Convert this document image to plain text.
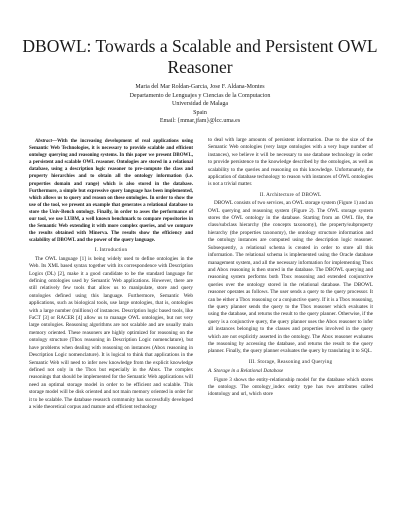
DBOWL: Towards a Scalable and Persistent OWL Reasoner
Maria del Mar Roldan-Garcia, Jose F. Aldana-Montes
Departamento de Lenguajes y Ciencias de la Computacion
Universidad de Malaga
Spain
Email: {mmar,jfam}@lcc.uma.es

Abstract—With the increasing development of real applications using Semantic Web Technologies, it is necessary to provide scalable and efficient ontology querying and reasoning systems. In this paper we present DBOWL, a persistent and scalable OWL reasoner. Ontologies are stored in a relational database, using a description logic reasoner to pre-compute the class and property hierarchies and to obtain all the ontology information (i.e. properties domain and range) which is also stored in the database. Furthermore, a simple but expressive query language has been implemented, which allows us to query and reason on these ontologies. In order to show the use of the tool, we present an example that generates a relational database to store the Univ-Bench ontology. Finally, in order to asses the performance of our tool, we use LUBM, a well known benchmark to compare repositories in the Semantic Web extending it with more complex queries, and we compare the results obtained with Minerva. The results show the efficiency and scalability of DBOWL and the power of the query language.

I. Introduction

The OWL language [1] is being widely used to define ontologies in the Web. Its XML based syntax together with its correspondence with Description Logics (DL) [2], make it a good candidate to be the standard language for defining ontologies used by Semantic Web applications. However, there are still relatively few tools that allow us to manipulate, store and query ontologies defined using this language. Furthermore, Semantic Web applications, such as biological tools, use large ontologies, that is, ontologies with a large number (millions) of instances. Description logic based tools, like FaCT [3] or RACER [4] allow us to manage OWL ontologies, but not very large ontologies. Reasoning algorithms are not scalable and are usually main memory oriented. These reasoners are highly optimized for reasoning on the ontology structure (Tbox reasoning in Description Logic nomenclature), but have problems when dealing with reasoning on instances (Abox reasoning in Description Logic nomenclature). It is logical to think that applications in the Semantic Web will need to infer new knowledge from the explicit knowledge defined not only in the Tbox but especially in the Abox. The complex reasonings that should be implemented for the Semantic Web applications will need an optimal storage model in order to be efficient and scalable. This storage model will be disk oriented and not main memory oriented in order for it to be scalable. The database research community has successfully developed a wide theoretical corpus and mature and efficient technology

to deal with large amounts of persistent information. Due to the size of the Semantic Web ontologies (very large ontologies with a very huge number of instances), we believe it will be necessary to use database technology in order to provide persistence to the knowledge described by the ontologies, as well as scalability to the queries and reasoning on this knowledge. Unfortunately, the application of database technology to reason with instances of OWL ontologies is not a trivial matter.

II. Architecture of DBOWL

DBOWL consists of two services, an OWL storage system (Figure 1) and an OWL querying and reasoning system (Figure 2). The OWL storage system stores the OWL ontology in the database. Starting from an OWL file, the class/subclass hierarchy (the concepts taxonomy), the property/subproperty hierarchy (the properties taxonomy), the ontology structure information and the ontology instances are computed using the description logic reasoner. Subsequently, a relational schema is created in order to store all this information. The relational schema is implemented using the Oracle database management system, and all the necessary information for implementing Tbox and Abox reasoning is then stored in the database. The DBOWL querying and reasoning system performs both Tbox reasoning and extended conjunctive queries over the ontology stored in the relational database. The DBOWL reasoner operates as follows. The user sends a query to the query processor. It can be either a Tbox reasoning or a conjunctive query. If it is a Tbox reasoning, the query planner sends the query to the Tbox reasoner which evaluates it using the database, and returns the result to the query planner. Otherwise, if the query is a conjunctive query, the query planner uses the Abox reasoner to infer all instances belonging to the classes and properties involved in the query which are not explicitly asserted in the ontology. The Abox reasoner evaluates the reasoning by accessing the database, and returns the result to the query planner. Finally, the query planner evaluates the query by translating it to SQL.

III. Storage, Reasoning and Querying
A. Storage in a Relational Database

Figure 3 shows the entity-relationship model for the database which stores the ontology. The ontology_index entity type has two attributes called idontology and url, which store
